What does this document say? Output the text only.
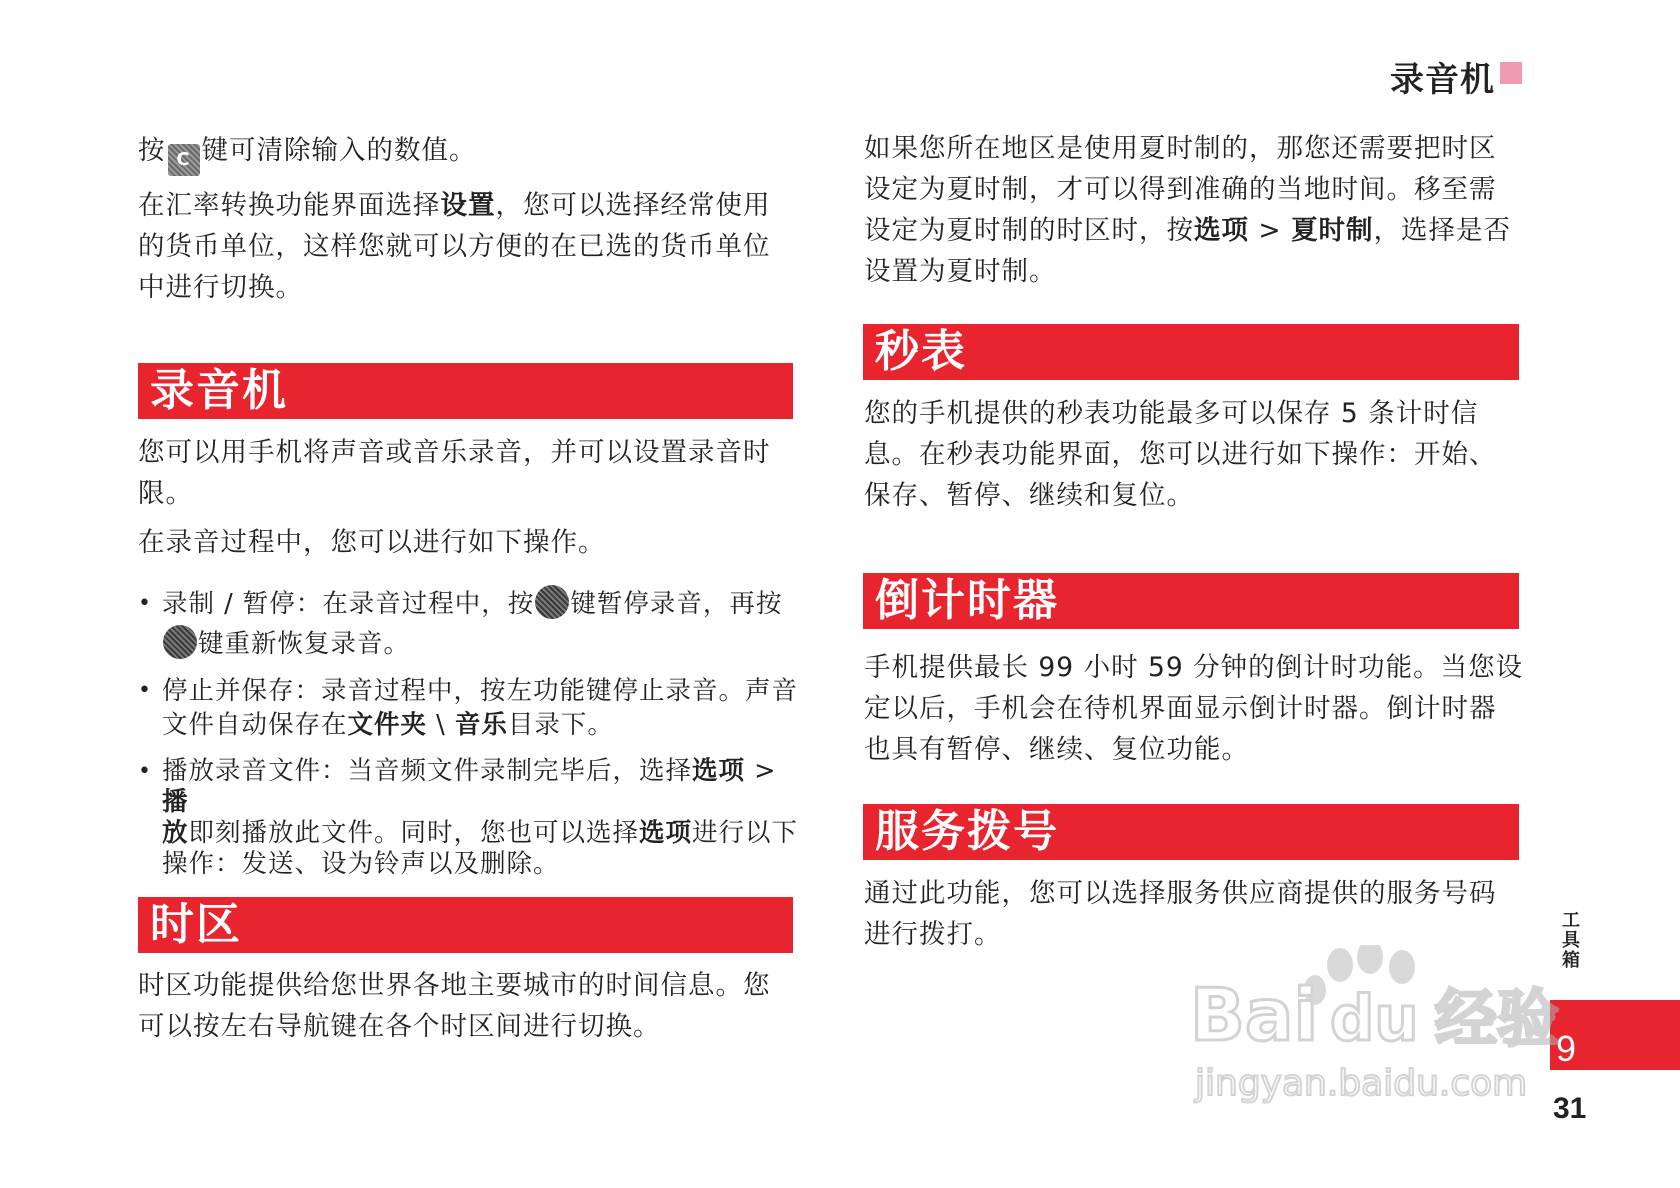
录音机

按 C 键可清除输入的数值。

在汇率转换功能界面选择设置，您可以选择经常使用
的货币单位，这样您就可以方便的在已选的货币单位
中进行切换。

录音机

您可以用手机将声音或音乐录音，并可以设置录音时
限。

在录音过程中，您可以进行如下操作。

• 录制 / 暂停：在录音过程中，按 键暂停录音，再按
键重新恢复录音。
• 停止并保存：录音过程中，按左功能键停止录音。声音
文件自动保存在文件夹 \ 音乐目录下。
• 播放录音文件：当音频文件录制完毕后，选择选项 > 播
放即刻播放此文件。同时，您也可以选择选项进行以下
操作：发送、设为铃声以及删除。
时区

时区功能提供给您世界各地主要城市的时间信息。您
可以按左右导航键在各个时区间进行切换。

如果您所在地区是使用夏时制的，那您还需要把时区
设定为夏时制，才可以得到准确的当地时间。移至需
设定为夏时制的时区时，按选项 > 夏时制，选择是否
设置为夏时制。

秒表

您的手机提供的秒表功能最多可以保存 5 条计时信
息。在秒表功能界面，您可以进行如下操作：开始、
保存、暂停、继续和复位。

倒计时器

手机提供最长 99 小时 59 分钟的倒计时功能。当您设
定以后，手机会在待机界面显示倒计时器。倒计时器
也具有暂停、继续、复位功能。

服务拨号

通过此功能，您可以选择服务供应商提供的服务号码
进行拨打。	工具箱
9
31
Bai du 经验
jingyan.baidu.com
